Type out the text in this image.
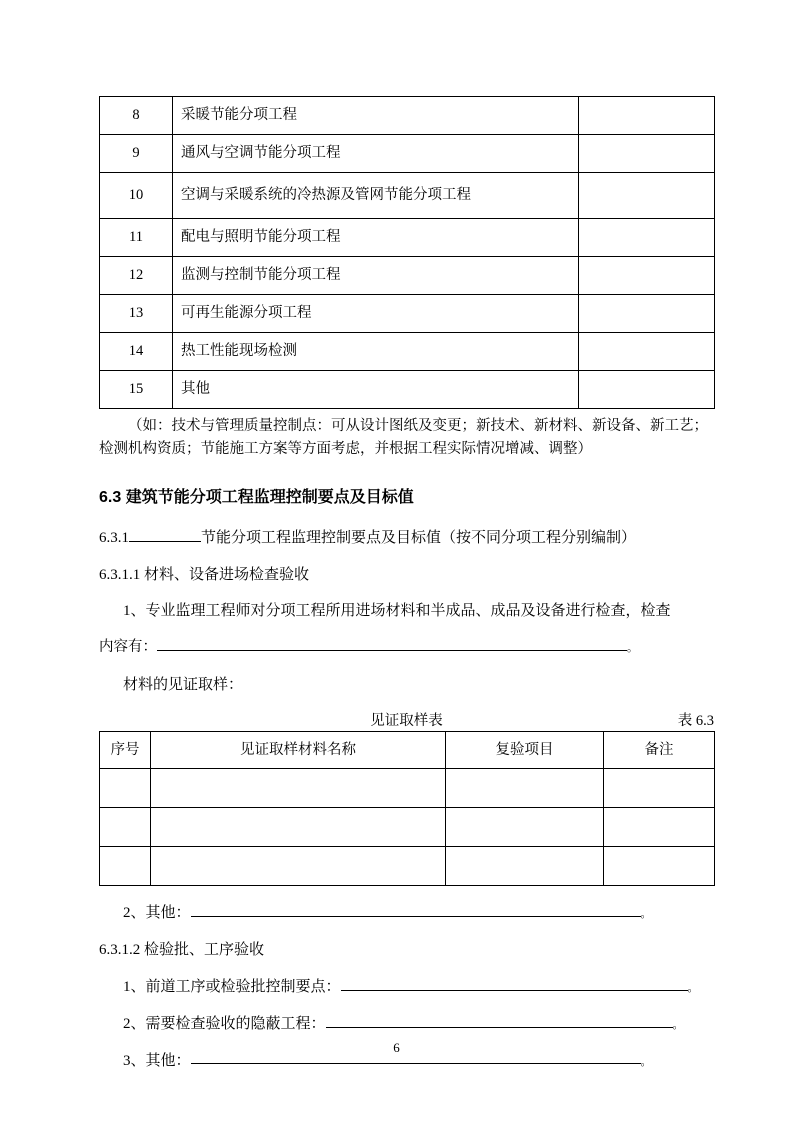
8	采暖节能分项工程	
9	通风与空调节能分项工程	
10	空调与采暖系统的冷热源及管网节能分项工程	
11	配电与照明节能分项工程	
12	监测与控制节能分项工程	
13	可再生能源分项工程	
14	热工性能现场检测	
15	其他	

（如：技术与管理质量控制点：可从设计图纸及变更；新技术、新材料、新设备、新工艺；检测机构资质；节能施工方案等方面考虑，并根据工程实际情况增减、调整）

6.3 建筑节能分项工程监理控制要点及目标值

6.3.1	节能分项工程监理控制要点及目标值（按不同分项工程分别编制）

6.3.1.1 材料、设备进场检查验收

1、专业监理工程师对分项工程所用进场材料和半成品、成品及设备进行检查，检查

内容有：	。

材料的见证取样：

见证取样表	表 6.3
序号	见证取样材料名称	复验项目	备注

2、其他：	。

6.3.1.2 检验批、工序验收

1、前道工序或检验批控制要点：	。

2、需要检查验收的隐蔽工程：	。

3、其他：	。

6
